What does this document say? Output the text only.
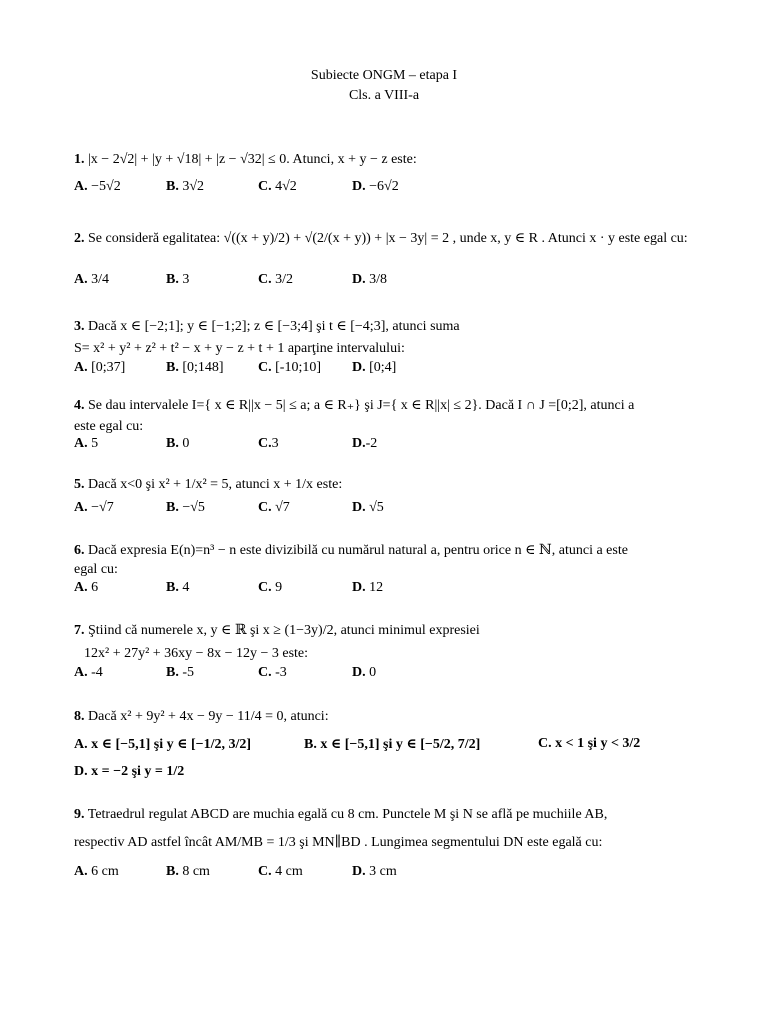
Subiecte ONGM – etapa I
Cls. a VIII-a
1. |x − 2√2| + |y + √18| + |z − √32| ≤ 0. Atunci, x + y − z este:
A. −5√2	B. 3√2	C. 4√2	D. −6√2
2. Se consideră egalitatea: √((x + y)/2) + √(2/(x + y)) + |x − 3y| = 2 , unde x, y ∈ R . Atunci x · y este egal cu:
A. 3/4	B. 3	C. 3/2	D. 3/8
3. Dacă x ∈ [−2;1]; y ∈ [−1;2]; z ∈ [−3;4] şi t ∈ [−4;3], atunci suma
S= x² + y² + z² + t² − x + y − z + t + 1 aparţine intervalului:
A. [0;37]	B. [0;148] C. [-10;10] D. [0;4]
4. Se dau intervalele I={ x ∈ R||x − 5| ≤ a; a ∈ R₊} şi J={ x ∈ R||x| ≤ 2}. Dacă I ∩ J =[0;2], atunci a
este egal cu:
A. 5	B. 0	C.3	D.-2
5. Dacă x<0 şi x² + 1/x² = 5, atunci x + 1/x este:
A. −√7	B. −√5	C. √7	D. √5
6. Dacă expresia E(n)=n³ − n este divizibilă cu numărul natural a, pentru orice n ∈ ℕ, atunci a este
egal cu:
A. 6	B. 4	C. 9	D. 12
7. Ştiind că numerele x, y ∈ ℝ şi x ≥ (1−3y)/2, atunci minimul expresiei
12x² + 27y² + 36xy − 8x − 12y − 3 este:
A. -4	B. -5	C. -3	D. 0
8. Dacă x² + 9y² + 4x − 9y − 11/4 = 0, atunci:
A. x ∈ [−5,1] şi y ∈ [−1/2, 3/2]	B. x ∈ [−5,1] şi y ∈ [−5/2, 7/2]	C. x < 1 şi y < 3/2
D. x = −2 şi y = 1/2
9. Tetraedrul regulat ABCD are muchia egală cu 8 cm. Punctele M şi N se află pe muchiile AB,
respectiv AD astfel încât AM/MB = 1/3 şi MN∥BD . Lungimea segmentului DN este egală cu:
A. 6 cm	B. 8 cm	C. 4 cm	D. 3 cm
